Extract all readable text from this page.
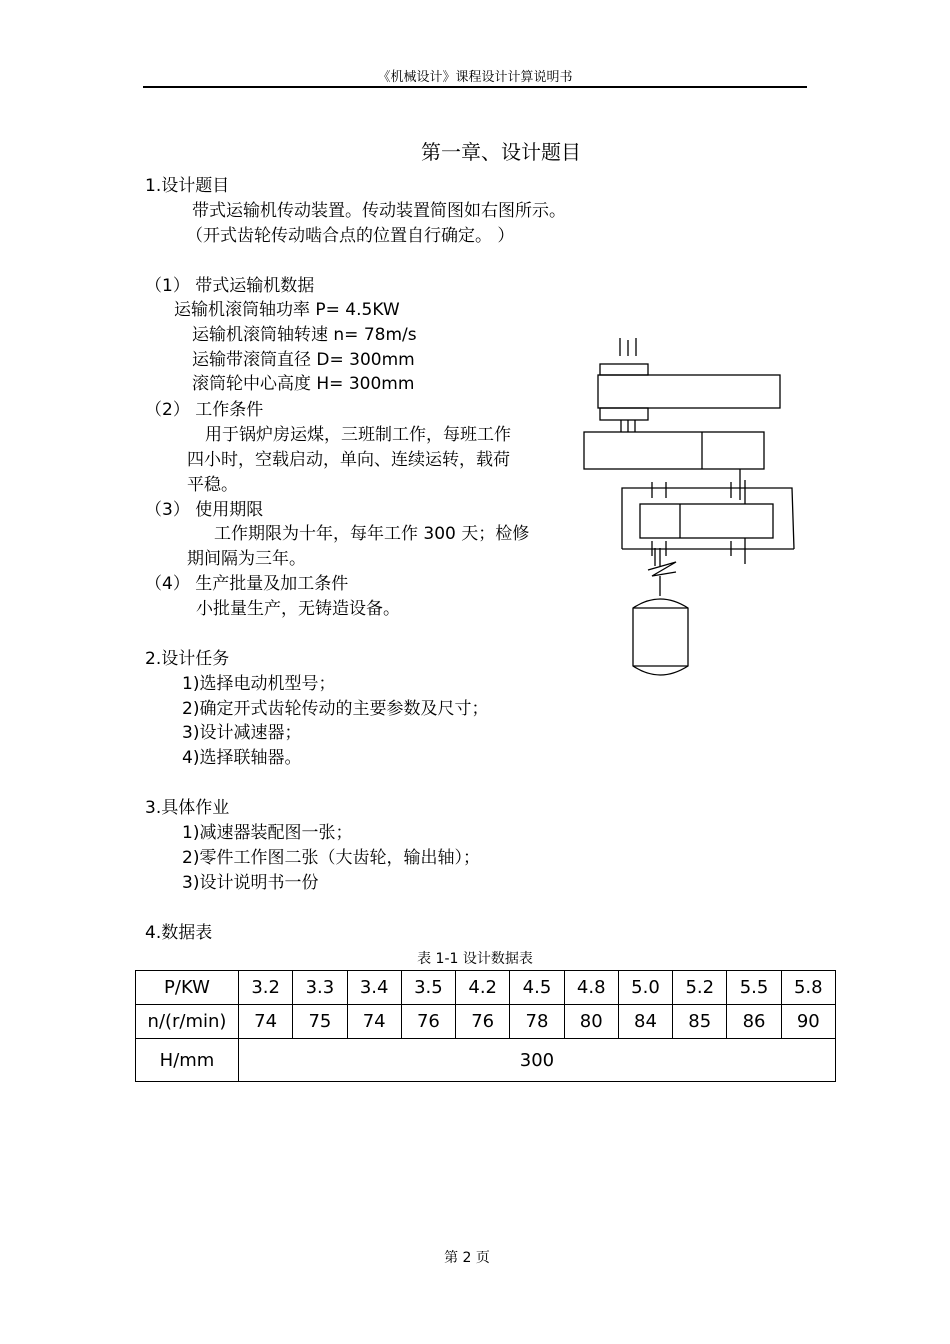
《机械设计》课程设计计算说明书
第一章、设计题目
1.设计题目
带式运输机传动装置。传动装置简图如右图所示。
（开式齿轮传动啮合点的位置自行确定。 ）
（1） 带式运输机数据
运输机滚筒轴功率 P= 4.5KW
运输机滚筒轴转速 n= 78m/s
运输带滚筒直径 D= 300mm
滚筒轮中心高度 H= 300mm
（2） 工作条件
用于锅炉房运煤，三班制工作，每班工作
四小时，空载启动，单向、连续运转，载荷
平稳。
（3） 使用期限
工作期限为十年，每年工作 300 天；检修
期间隔为三年。
（4） 生产批量及加工条件
小批量生产，无铸造设备。
2.设计任务
1)选择电动机型号；
2)确定开式齿轮传动的主要参数及尺寸；
3)设计减速器；
4)选择联轴器。
3.具体作业
1)减速器装配图一张；
2)零件工作图二张（大齿轮，输出轴）；
3)设计说明书一份
4.数据表
表 1-1 设计数据表
P/KW	3.2	3.3	3.4	3.5	4.2	4.5	4.8	5.0	5.2	5.5	5.8
n/(r/min)	74	75	74	76	76	78	80	84	85	86	90
H/mm	300										
第 2 页
